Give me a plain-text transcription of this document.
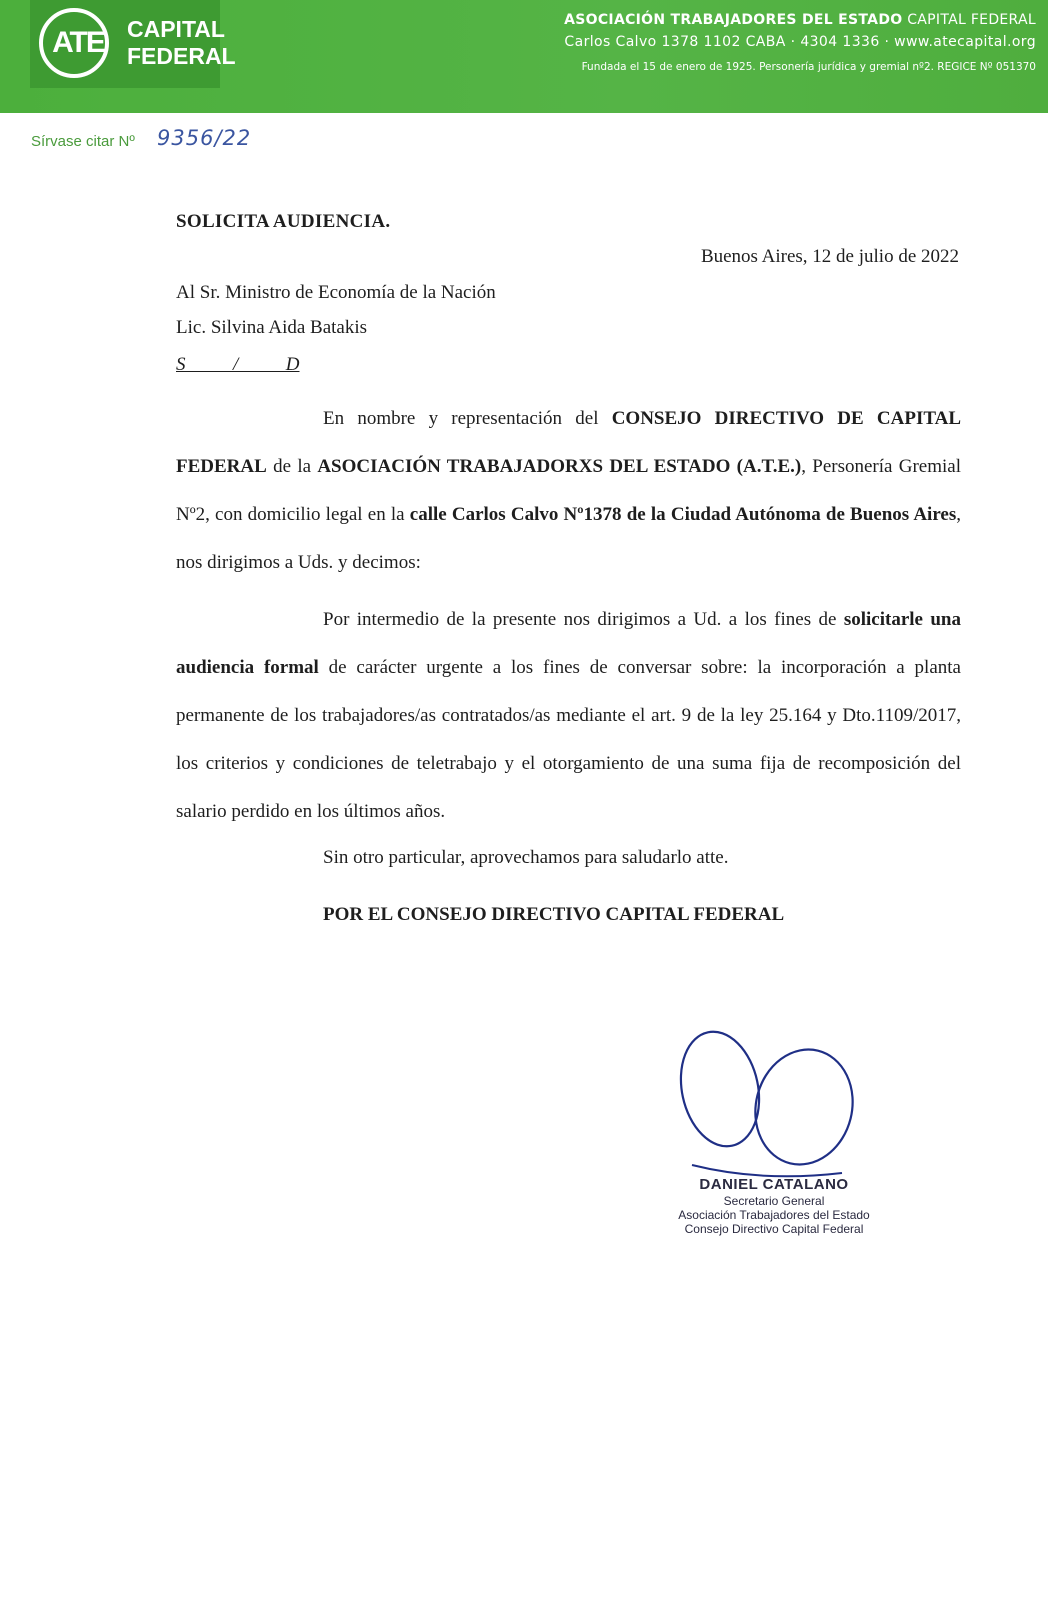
ATE	CAPITAL
FEDERAL
ASOCIACIÓN TRABAJADORES DEL ESTADO CAPITAL FEDERAL
Carlos Calvo 1378 1102 CABA · 4304 1336 · www.atecapital.org
Fundada el 15 de enero de 1925. Personería jurídica y gremial nº2. REGICE Nº 051370
Sírvase citar Nº 9356/22
SOLICITA AUDIENCIA.
Buenos Aires, 12 de julio de 2022
Al Sr. Ministro de Economía de la Nación
Lic. Silvina Aida Batakis
S          /          D

En nombre y representación del CONSEJO DIRECTIVO DE CAPITAL FEDERAL de la ASOCIACIÓN TRABAJADORXS DEL ESTADO (A.T.E.), Personería Gremial Nº2, con domicilio legal en la calle Carlos Calvo Nº1378 de la Ciudad Autónoma de Buenos Aires, nos dirigimos a Uds. y decimos:

Por intermedio de la presente nos dirigimos a Ud. a los fines de solicitarle una audiencia formal de carácter urgente a los fines de conversar sobre: la incorporación a planta permanente de los trabajadores/as contratados/as mediante el art. 9 de la ley 25.164 y Dto.1109/2017, los criterios y condiciones de teletrabajo y el otorgamiento de una suma fija de recomposición del salario perdido en los últimos años.

Sin otro particular, aprovechamos para saludarlo atte.
POR EL CONSEJO DIRECTIVO CAPITAL FEDERAL
DANIEL CATALANO
Secretario General
Asociación Trabajadores del Estado
Consejo Directivo Capital Federal
